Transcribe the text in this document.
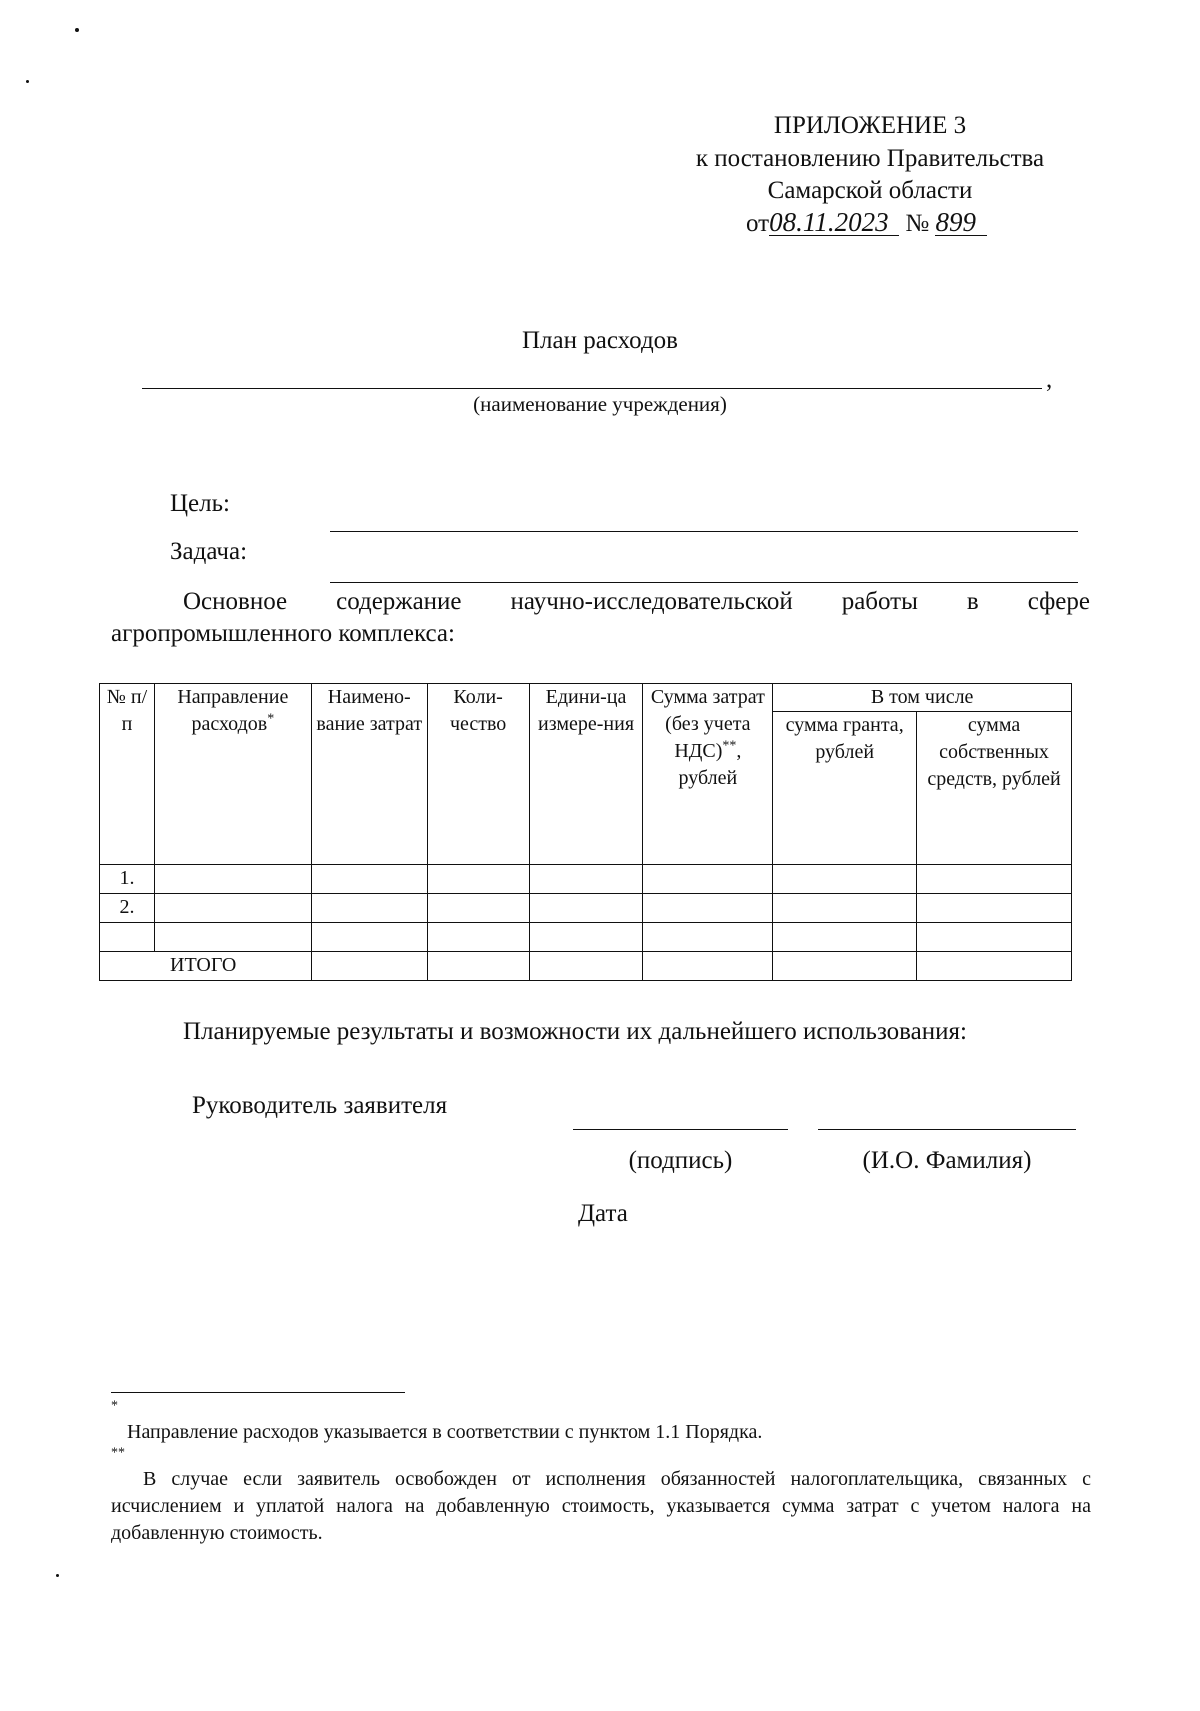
ПРИЛОЖЕНИЕ 3
к постановлению Правительства
Самарской области
от08.11.2023 № 899
План расходов
,
(наименование учреждения)
Цель:
Задача:
Основное содержание научно-исследовательской работы в сфере
агропромышленного комплекса:
№ п/п	Направление расходов*	Наимено-вание затрат	Коли-чество	Едини-ца измере-ния	Сумма затрат (без учета НДС)**, рублей	В том числе	
						сумма гранта, рублей	сумма собственных средств, рублей
1.							
2.							

ИТОГО							
Планируемые результаты и возможности их дальнейшего использования:
Руководитель заявителя
(подпись)	(И.О. Фамилия)
Дата
*
Направление расходов указывается в соответствии с пунктом 1.1 Порядка.
**
В случае если заявитель освобожден от исполнения обязанностей налогоплательщика, связанных с исчислением и уплатой налога на добавленную стоимость, указывается сумма затрат с учетом налога на добавленную стоимость.
